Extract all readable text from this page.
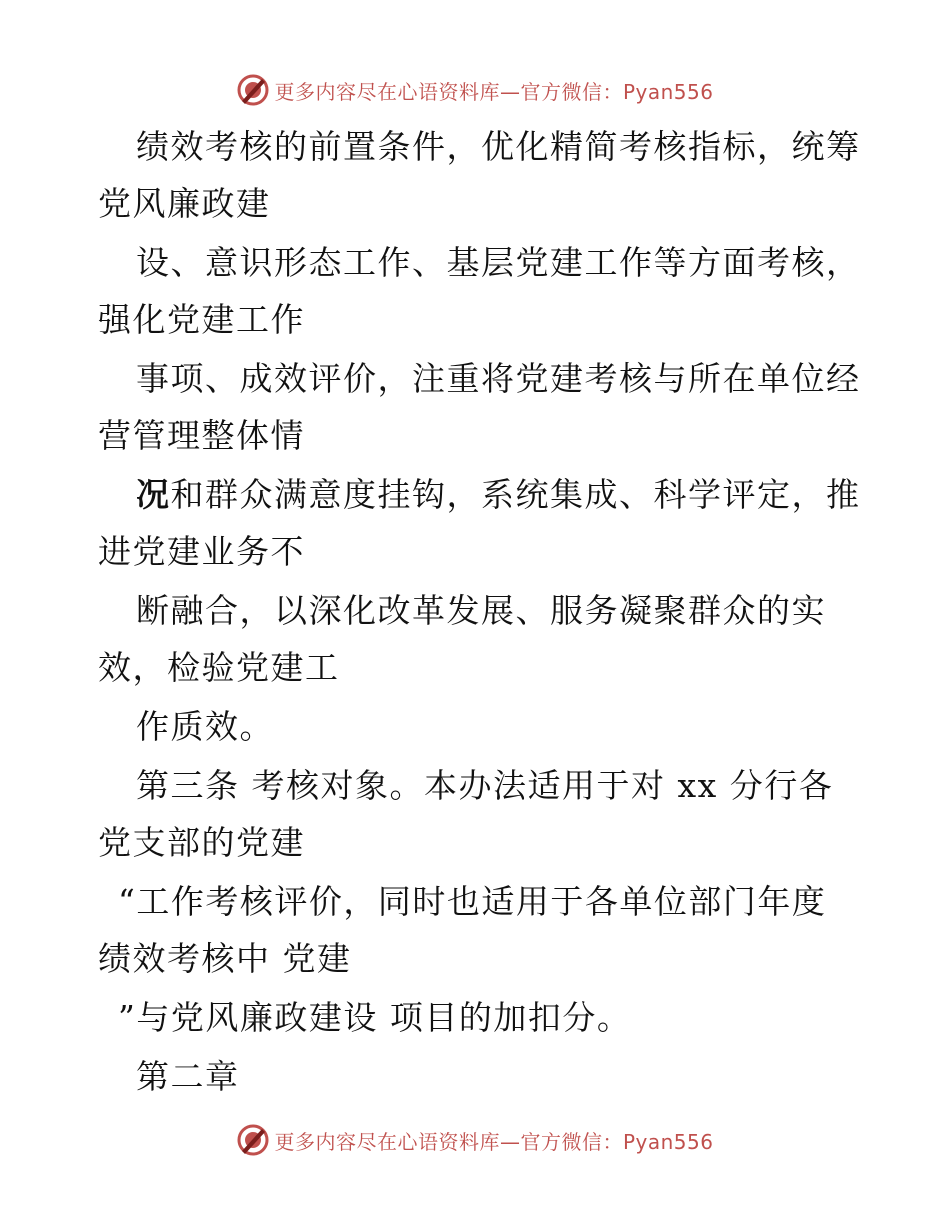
更多内容尽在心语资料库—官方微信：Pyan556
绩效考核的前置条件，优化精简考核指标，统筹
党风廉政建
设、意识形态工作、基层党建工作等方面考核，
强化党建工作
事项、成效评价，注重将党建考核与所在单位经
营管理整体情
况和群众满意度挂钩，系统集成、科学评定，推
进党建业务不
断融合，以深化改革发展、服务凝聚群众的实
效，检验党建工
作质效。
第三条 考核对象。本办法适用于对 xx 分行各
党支部的党建
“工作考核评价，同时也适用于各单位部门年度
绩效考核中 党建
”与党风廉政建设 项目的加扣分。
第二章
更多内容尽在心语资料库—官方微信：Pyan556
